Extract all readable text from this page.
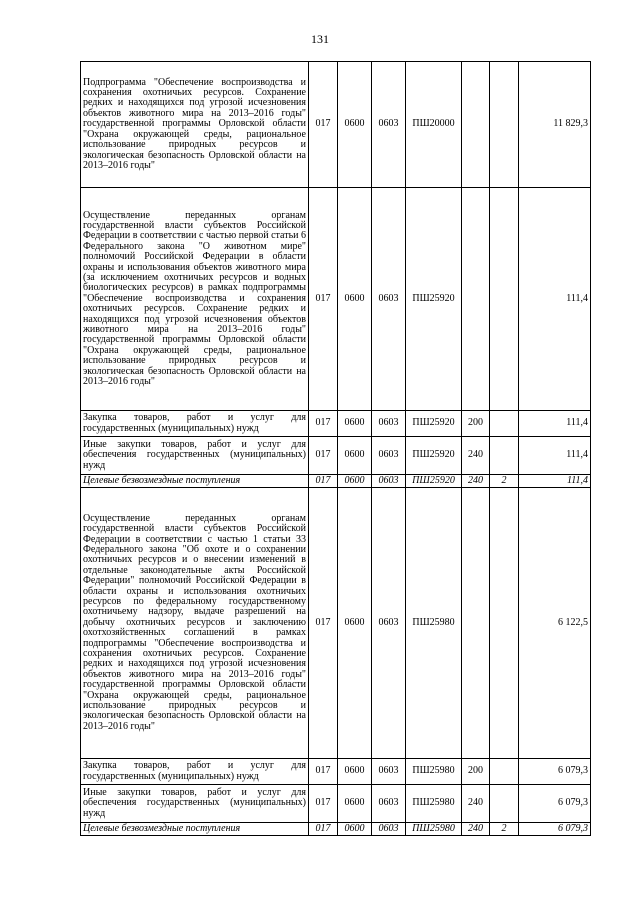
131
Подпрограмма "Обеспечение воспроизводства и сохранения охотничьих ресурсов. Сохранение редких и находящихся под угрозой исчезновения объектов животного мира на 2013–2016 годы" государственной программы Орловской области "Охрана окружающей среды, рациональное использование природных ресурсов и экологическая безопасность Орловской области на 2013–2016 годы"	017	0600	0603	ПШ20000			11 829,3
Осуществление переданных органам государственной власти субъектов Российской Федерации в соответствии с частью первой статьи 6 Федерального закона "О животном мире" полномочий Российской Федерации в области охраны и использования объектов животного мира (за исключением охотничьих ресурсов и водных биологических ресурсов) в рамках подпрограммы "Обеспечение воспроизводства и сохранения охотничьих ресурсов. Сохранение редких и находящихся под угрозой исчезновения объектов животного мира на 2013–2016 годы" государственной программы Орловской области "Охрана окружающей среды, рациональное использование природных ресурсов и экологическая безопасность Орловской области на 2013–2016 годы"	017	0600	0603	ПШ25920			111,4
Закупка товаров, работ и услуг для государственных (муниципальных) нужд	017	0600	0603	ПШ25920	200		111,4
Иные закупки товаров, работ и услуг для обеспечения государственных (муниципальных) нужд	017	0600	0603	ПШ25920	240		111,4
Целевые безвозмездные поступления	017	0600	0603	ПШ25920	240	2	111,4
Осуществление переданных органам государственной власти субъектов Российской Федерации в соответствии с частью 1 статьи 33 Федерального закона "Об охоте и о сохранении охотничьих ресурсов и о внесении изменений в отдельные законодательные акты Российской Федерации" полномочий Российской Федерации в области охраны и использования охотничьих ресурсов по федеральному государственному охотничьему надзору, выдаче разрешений на добычу охотничьих ресурсов и заключению охотхозяйственных соглашений в рамках подпрограммы "Обеспечение воспроизводства и сохранения охотничьих ресурсов. Сохранение редких и находящихся под угрозой исчезновения объектов животного мира на 2013–2016 годы" государственной программы Орловской области "Охрана окружающей среды, рациональное использование природных ресурсов и экологическая безопасность Орловской области на 2013–2016 годы"	017	0600	0603	ПШ25980			6 122,5
Закупка товаров, работ и услуг для государственных (муниципальных) нужд	017	0600	0603	ПШ25980	200		6 079,3
Иные закупки товаров, работ и услуг для обеспечения государственных (муниципальных) нужд	017	0600	0603	ПШ25980	240		6 079,3
Целевые безвозмездные поступления	017	0600	0603	ПШ25980	240	2	6 079,3
